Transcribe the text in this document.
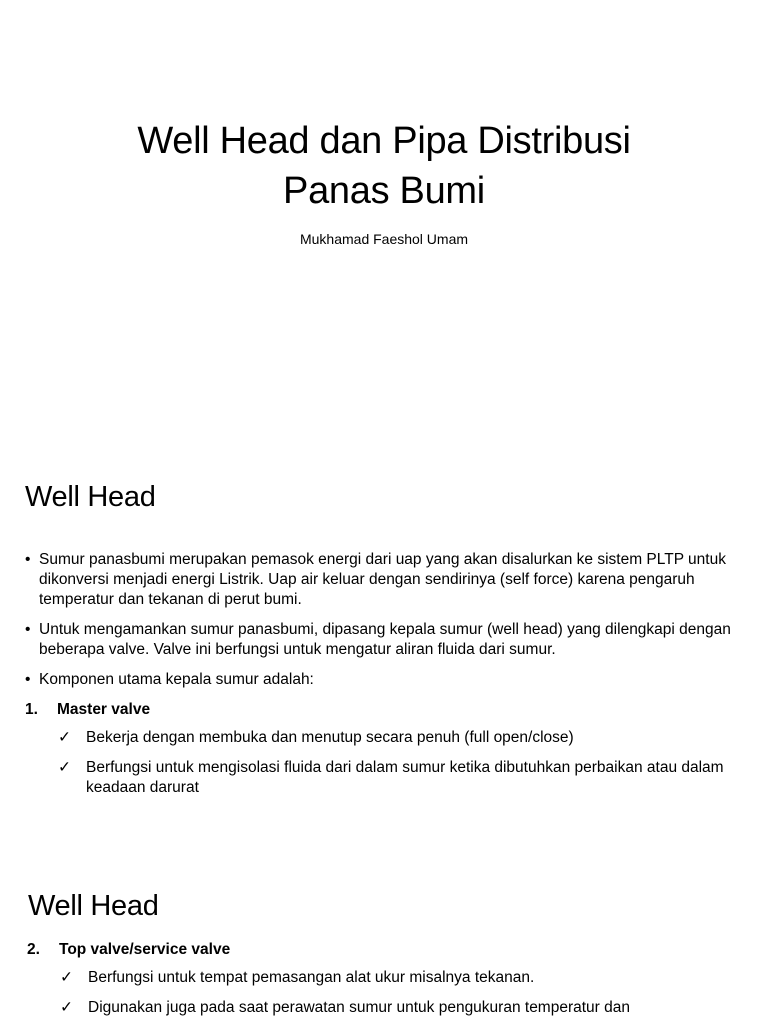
Well Head dan Pipa Distribusi
Panas Bumi
Mukhamad Faeshol Umam
Well Head
• Sumur panasbumi merupakan pemasok energi dari uap yang akan disalurkan ke sistem PLTP untuk dikonversi menjadi energi Listrik. Uap air keluar dengan sendirinya (self force) karena pengaruh temperatur dan tekanan di perut bumi.
• Untuk mengamankan sumur panasbumi, dipasang kepala sumur (well head) yang dilengkapi dengan beberapa valve. Valve ini berfungsi untuk mengatur aliran fluida dari sumur.
• Komponen utama kepala sumur adalah:
1. Master valve
✓ Bekerja dengan membuka dan menutup secara penuh (full open/close)
✓ Berfungsi untuk mengisolasi fluida dari dalam sumur ketika dibutuhkan perbaikan atau dalam keadaan darurat
Well Head
2. Top valve/service valve
✓ Berfungsi untuk tempat pemasangan alat ukur misalnya tekanan.
✓ Digunakan juga pada saat perawatan sumur untuk pengukuran temperatur dan
